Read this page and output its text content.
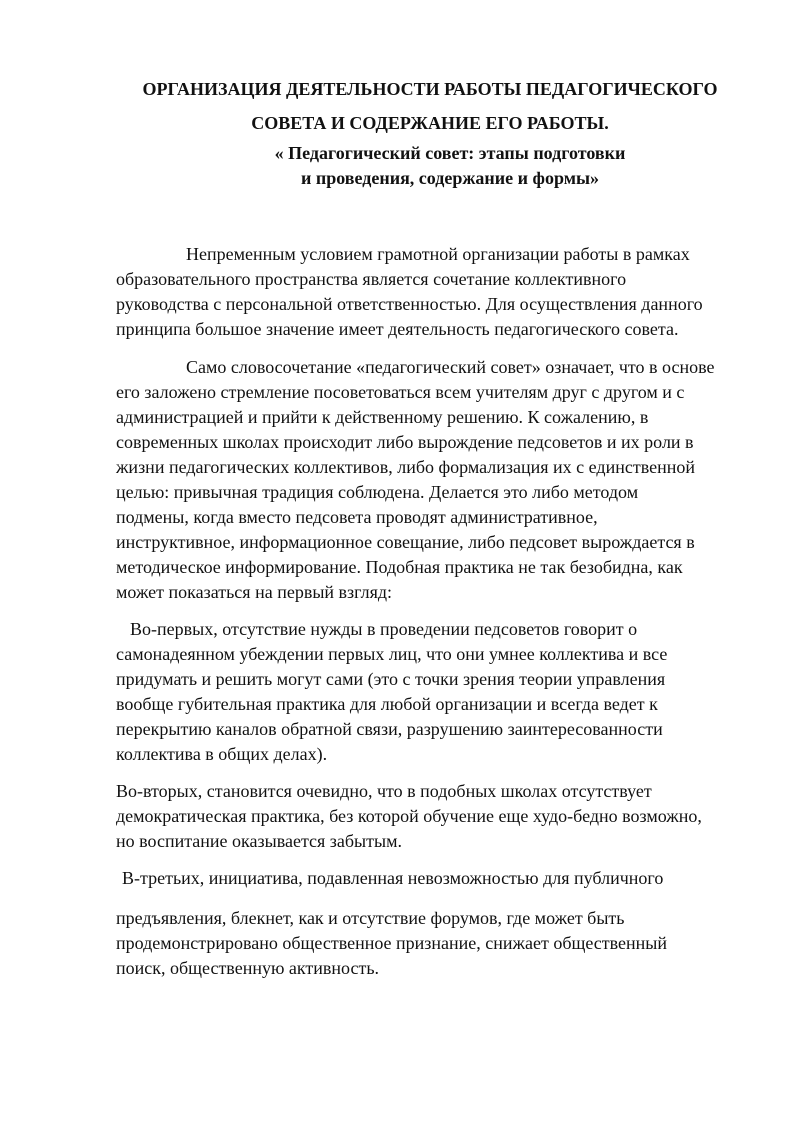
ОРГАНИЗАЦИЯ ДЕЯТЕЛЬНОСТИ РАБОТЫ ПЕДАГОГИЧЕСКОГО
СОВЕТА И СОДЕРЖАНИЕ ЕГО РАБОТЫ.
« Педагогический совет: этапы подготовки
и проведения, содержание и формы»
Непременным условием грамотной организации работы в рамках
образовательного пространства является сочетание коллективного
руководства с персональной ответственностью. Для осуществления данного
принципа большое значение имеет деятельность педагогического совета.
Само словосочетание «педагогический совет» означает, что в основе
его заложено стремление посоветоваться всем учителям друг с другом и с
администрацией и прийти к действенному решению. К сожалению, в
современных школах происходит либо вырождение педсоветов и их роли в
жизни педагогических коллективов, либо формализация их с единственной
целью: привычная традиция соблюдена. Делается это либо методом
подмены, когда вместо педсовета проводят административное,
инструктивное, информационное совещание, либо педсовет вырождается в
методическое информирование. Подобная практика не так безобидна, как
может показаться на первый взгляд:
Во-первых, отсутствие нужды в проведении педсоветов говорит о
самонадеянном убеждении первых лиц, что они умнее коллектива и все
придумать и решить могут сами (это с точки зрения теории управления
вообще губительная практика для любой организации и всегда ведет к
перекрытию каналов обратной связи, разрушению заинтересованности
коллектива в общих делах).
Во-вторых, становится очевидно, что в подобных школах отсутствует
демократическая практика, без которой обучение еще худо-бедно возможно,
но воспитание оказывается забытым.
В-третьих, инициатива, подавленная невозможностью для публичного
предъявления, блекнет, как и отсутствие форумов, где может быть
продемонстрировано общественное признание, снижает общественный
поиск, общественную активность.
